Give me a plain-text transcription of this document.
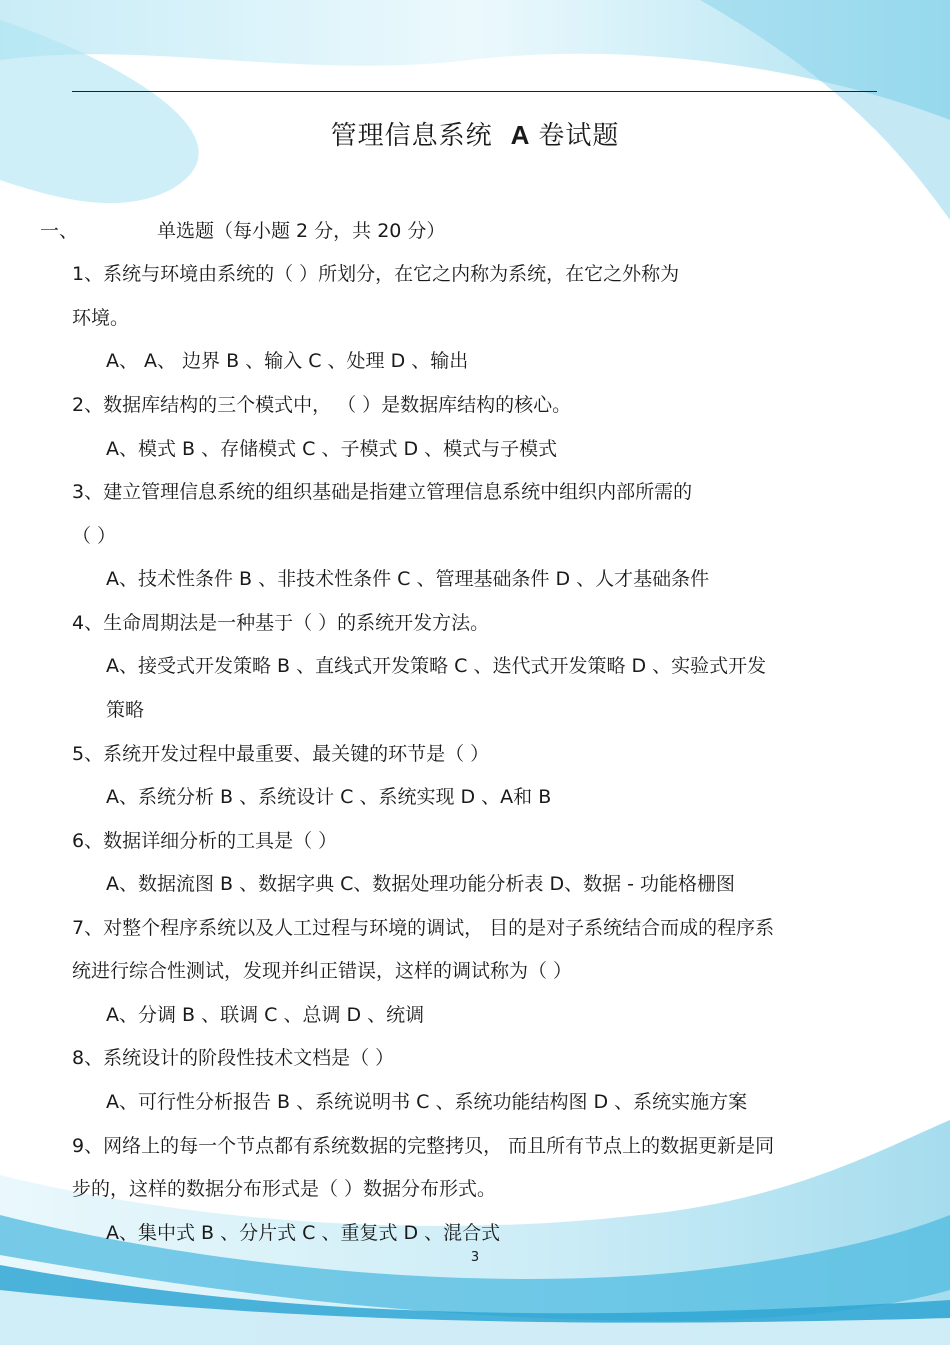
管理信息系统 A 卷试题
一、	单选题（每小题 2 分，共 20 分）
1、系统与环境由系统的（ ）所划分，在它之内称为系统，在它之外称为
环境。
A、 A、 边界 B 、输入 C 、处理 D 、输出
2、数据库结构的三个模式中， （ ）是数据库结构的核心。
A、模式 B 、存储模式 C 、子模式 D 、模式与子模式
3、建立管理信息系统的组织基础是指建立管理信息系统中组织内部所需的
（ ）
A、技术性条件 B 、非技术性条件 C 、管理基础条件 D 、人才基础条件
4、生命周期法是一种基于（ ）的系统开发方法。
A、接受式开发策略 B 、直线式开发策略 C 、迭代式开发策略 D 、实验式开发
策略
5、系统开发过程中最重要、最关键的环节是（ ）
A、系统分析 B 、系统设计 C 、系统实现 D 、A和 B
6、数据详细分析的工具是（ ）
A、数据流图 B 、数据字典 C、数据处理功能分析表 D、数据 - 功能格栅图
7、对整个程序系统以及人工过程与环境的调试， 目的是对子系统结合而成的程序系
统进行综合性测试，发现并纠正错误，这样的调试称为（ ）
A、分调 B 、联调 C 、总调 D 、统调
8、系统设计的阶段性技术文档是（ ）
A、可行性分析报告 B 、系统说明书 C 、系统功能结构图 D 、系统实施方案
9、网络上的每一个节点都有系统数据的完整拷贝， 而且所有节点上的数据更新是同
步的，这样的数据分布形式是（ ）数据分布形式。
A、集中式 B 、分片式 C 、重复式 D 、混合式
3
